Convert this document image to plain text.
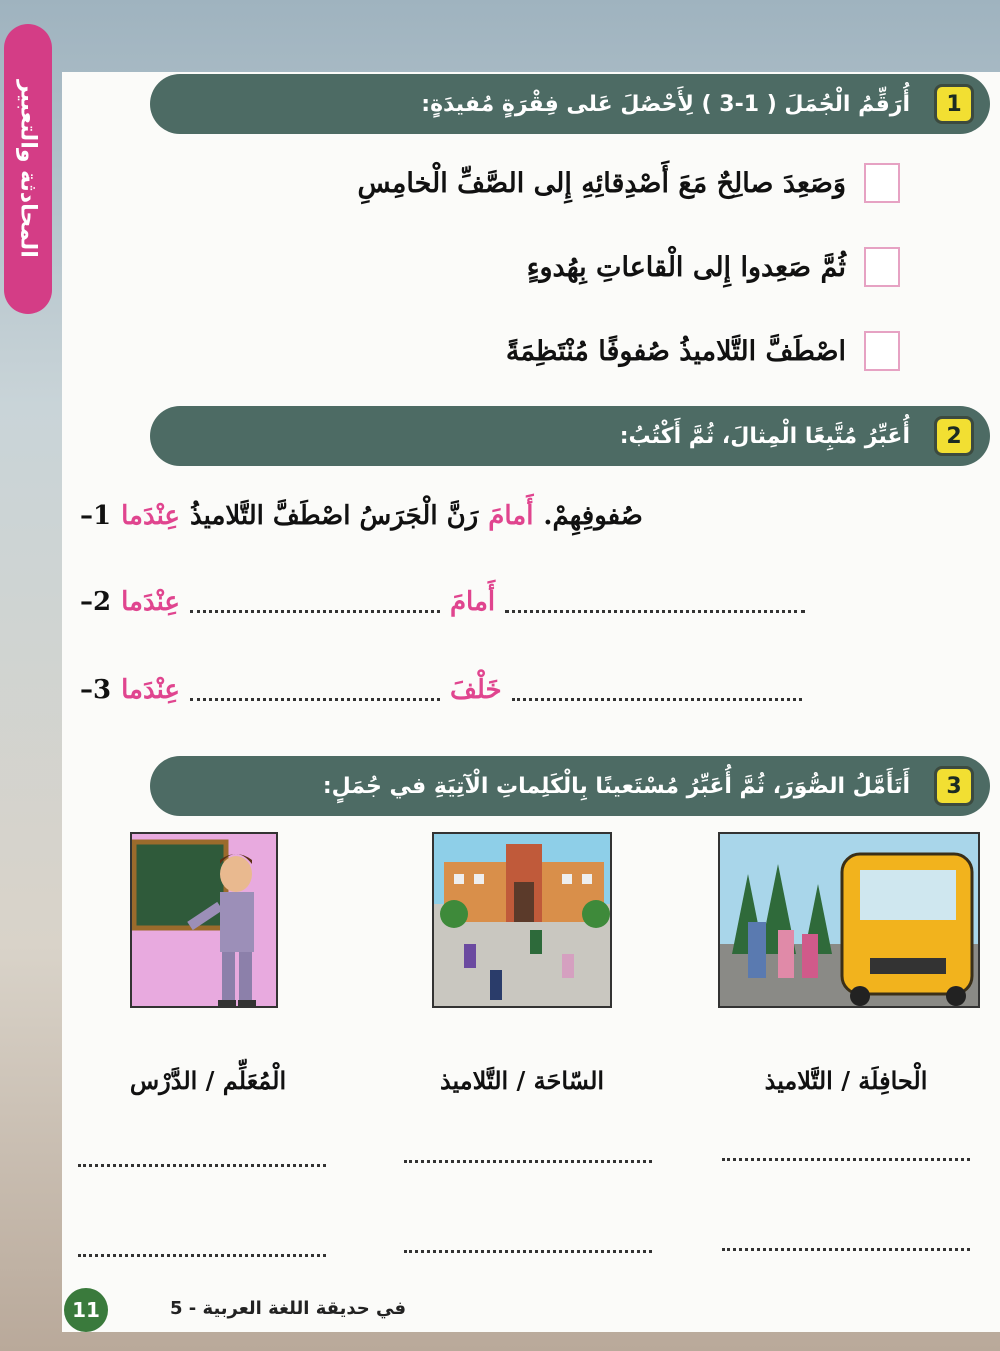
المحادثة والتعبير	أُرَقِّمُ الْجُمَلَ ( 1-3 ) لِأَحْصُلَ عَلى فِقْرَةٍ مُفيدَةٍ:	1
وَصَعِدَ صالِحٌ مَعَ أَصْدِقائِهِ إِلى الصَّفِّ الْخامِسِ
ثُمَّ صَعِدوا إِلى الْقاعاتِ بِهُدوءٍ
اصْطَفَّ التَّلاميذُ صُفوفًا مُنْتَظِمَةً
أُعَبِّرُ مُتَّبِعًا الْمِثالَ، ثُمَّ أَكْتُبُ:	2
1– عِنْدَما رَنَّ الْجَرَسُ اصْطَفَّ التَّلاميذُ أَمامَ صُفوفِهِمْ.
2– عِنْدَما	أَمامَ
3– عِنْدَما	خَلْفَ
أَتَأَمَّلُ الصُّوَرَ، ثُمَّ أُعَبِّرُ مُسْتَعينًا بِالْكَلِماتِ الْآتِيَةِ في جُمَلٍ:	3
الْحافِلَة / التَّلاميذ
السّاحَة / التَّلاميذ
الْمُعَلِّم / الدَّرْس
11	في حديقة اللغة العربية - 5
